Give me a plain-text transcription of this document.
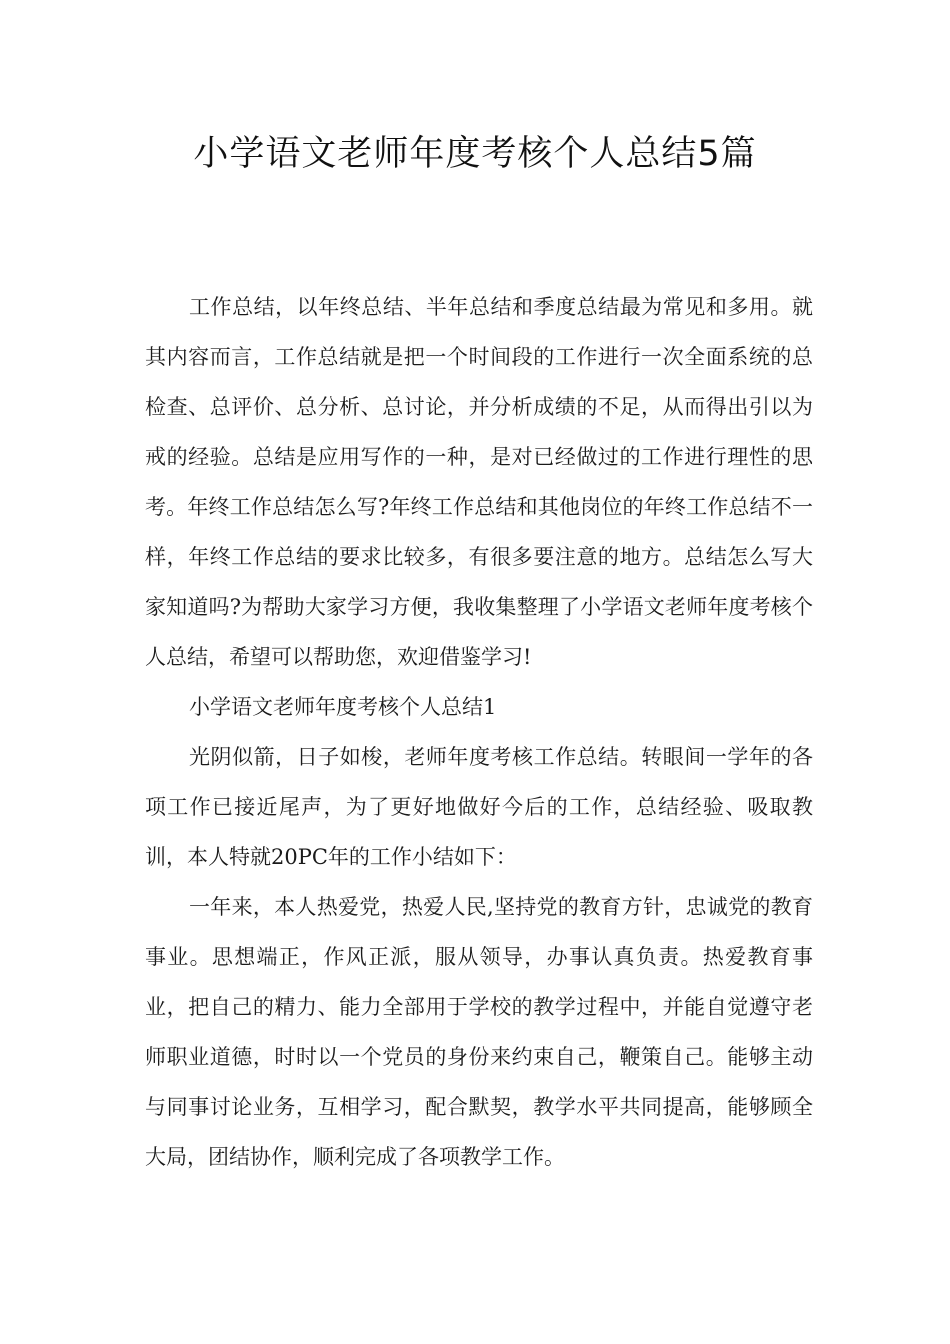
小学语文老师年度考核个人总结5篇

工作总结，以年终总结、半年总结和季度总结最为常见和多用。就其内容而言，工作总结就是把一个时间段的工作进行一次全面系统的总检查、总评价、总分析、总讨论，并分析成绩的不足，从而得出引以为戒的经验。总结是应用写作的一种，是对已经做过的工作进行理性的思考。年终工作总结怎么写?年终工作总结和其他岗位的年终工作总结不一样，年终工作总结的要求比较多，有很多要注意的地方。总结怎么写大家知道吗?为帮助大家学习方便，我收集整理了小学语文老师年度考核个人总结，希望可以帮助您，欢迎借鉴学习!

小学语文老师年度考核个人总结1

光阴似箭，日子如梭，老师年度考核工作总结。转眼间一学年的各项工作已接近尾声，为了更好地做好今后的工作，总结经验、吸取教训，本人特就20PC年的工作小结如下：

一年来，本人热爱党，热爱人民,坚持党的教育方针，忠诚党的教育事业。思想端正，作风正派，服从领导，办事认真负责。热爱教育事业，把自己的精力、能力全部用于学校的教学过程中，并能自觉遵守老师职业道德，时时以一个党员的身份来约束自己，鞭策自己。能够主动与同事讨论业务，互相学习，配合默契，教学水平共同提高，能够顾全大局，团结协作，顺利完成了各项教学工作。
